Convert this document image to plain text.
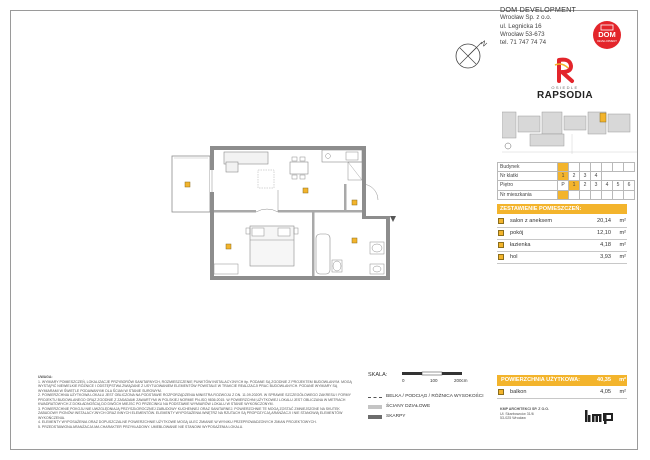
DOM DEVELOPMENT
Wrocław Sp. z o.o.
ul. Legnicka 16
Wrocław 53-673
tel. 71 747 74 74
DOM
DEVELOPMENT
OSIEDLE
RAPSODIA
N
Budynek							
Nr klatki	1	2	3	4			
Piętro	P	1	2	3	4	5	6
Nr mieszkania							
ZESTAWIENIE POMIESZCZEŃ:
salon z aneksem	20,14 m²
pokój	12,10 m²
łazienka	4,18 m²
hol	3,93 m²
POWIERZCHNIA UŻYTKOWA:	40,35 m²
balkon	4,05 m²

UWAGA:

1. WYMIARY POMIESZCZEŃ, LOKALIZACJE PRZYBORÓW SANITARNYCH, ROZMIESZCZENIE PUNKTÓW INSTALACYJNYCH itp. PODANE SĄ ZGODNIE Z PROJEKTEM BUDOWLANYM. MOGĄ WYSTĄPIĆ NIEWIELKIE RÓŻNICE I ODSTĘPSTWA ZWIĄZANE Z USYTUOWANIEM ELEMENTÓW POWSTAŁE W TRAKCIE REALIZACJI PRAC BUDOWLANYCH. PODANE WYMIARY SĄ WYMIARAMI W ŚWIETLE PODAWANYMI DLA ŚCIAN W STANIE SUROWYM.

2. POWIERZCHNIA UŻYTKOWA LOKALU JEST OBLICZONA NA PODSTAWIE ROZPORZĄDZENIA MINISTRA ROZWOJU Z DN. 11.09.2020R. W SPRAWIE SZCZEGÓŁOWEGO ZAKRESU I FORMY PROJEKTU BUDOWLANEGO ORAZ ZGODNIE Z ZASADAMI ZAWARTYMI W POLSKIEJ NORMIE PN-ISO 9836:2015. W POWIERZCHNI UŻYTKOWEJ LOKALU JEST OBLICZANA W METRACH KWADRATOWYCH Z DOKŁADNOŚCIĄ DO DWÓCH MIEJSC PO PRZECINKU NA PODSTAWIE WYMIARÓW LOKALU W STANIE WYKOŃCZONYM.

3. POWIERZCHNIE POKOJU NIE UWZGLĘDNIAJĄ PRZYSZŁOROCZNEJ ZABUDOWY KUCHENNEJ ORAZ SANITARNEJ. POWIERZCHNIE TE MOGĄ ZOSTAĆ ZMNIEJSZONE NA SKUTEK ZABUDOWY PIONÓW INSTALACYJNYCH ORAZ INNYCH ELEMENTÓW. ELEMENTY WYPOSAŻENIA WNĘTRZ NA RZUTACH SĄ PROPOZYCJĄ ARANŻACJI I NIE STANOWIĄ ELEMENTÓW WYKOŃCZENIA.

4. ELEMENTY WYPOSAŻENIA ORAZ DOPUSZCZALNE POWIERZCHNIE UŻYTKOWE MOGĄ ULEC ZMIANIE W WYNIKU PRZEPROWADZONYCH ZMIAN PROJEKTOWYCH.

5. PRZEDSTAWIONA ARANŻACJA MA CHARAKTER PRZYKŁADOWY. UMEBLOWANIE NIE STANOWI WYPOSAŻENIA LOKALU.

SKALA:
0	100	200cm
BELKA / PODCIĄG / RÓŻNICA WYSOKOŚCI
ŚCIANY DZIAŁOWE
SKARPY
KMP ARCHITEKCI SP. Z O.O.
Ul. Skarbowców 31/6
53-025 Wrocław
